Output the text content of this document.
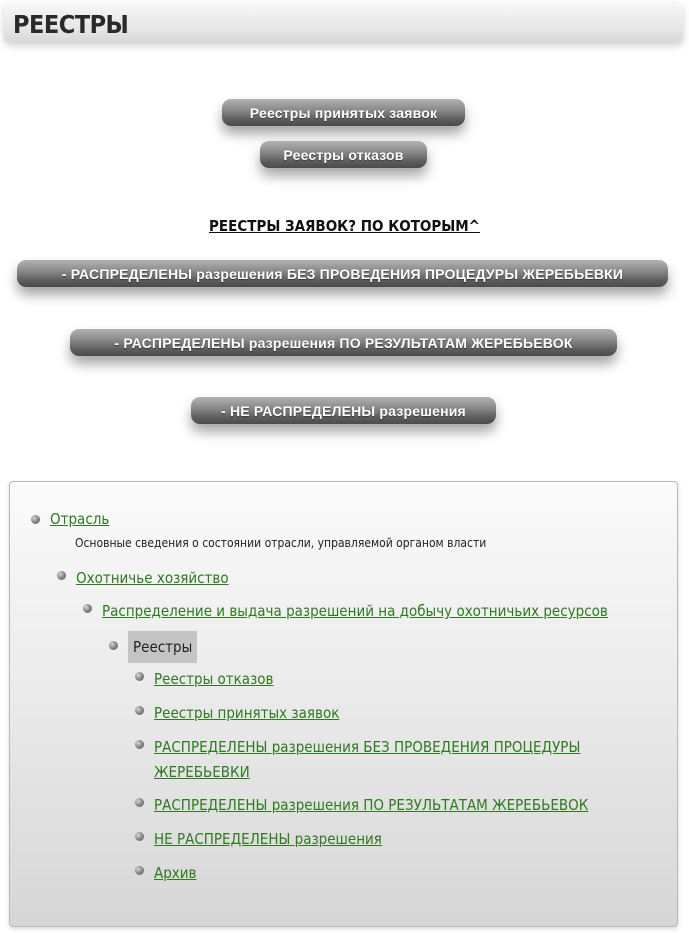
РЕЕСТРЫ
Реестры принятых заявок
Реестры отказов
РЕЕСТРЫ ЗАЯВОК? ПО КОТОРЫМ^
- РАСПРЕДЕЛЕНЫ разрешения БЕЗ ПРОВЕДЕНИЯ ПРОЦЕДУРЫ ЖЕРЕБЬЕВКИ
- РАСПРЕДЕЛЕНЫ разрешения ПО РЕЗУЛЬТАТАМ ЖЕРЕБЬЕВОК
- НЕ РАСПРЕДЕЛЕНЫ разрешения
Отрасль
Основные сведения о состоянии отрасли, управляемой органом власти
Охотничье хозяйство
Распределение и выдача разрешений на добычу охотничьих ресурсов
Реестры
Реестры отказов
Реестры принятых заявок
РАСПРЕДЕЛЕНЫ разрешения БЕЗ ПРОВЕДЕНИЯ ПРОЦЕДУРЫ
ЖЕРЕБЬЕВКИ
РАСПРЕДЕЛЕНЫ разрешения ПО РЕЗУЛЬТАТАМ ЖЕРЕБЬЕВОК
НЕ РАСПРЕДЕЛЕНЫ разрешения
Архив
